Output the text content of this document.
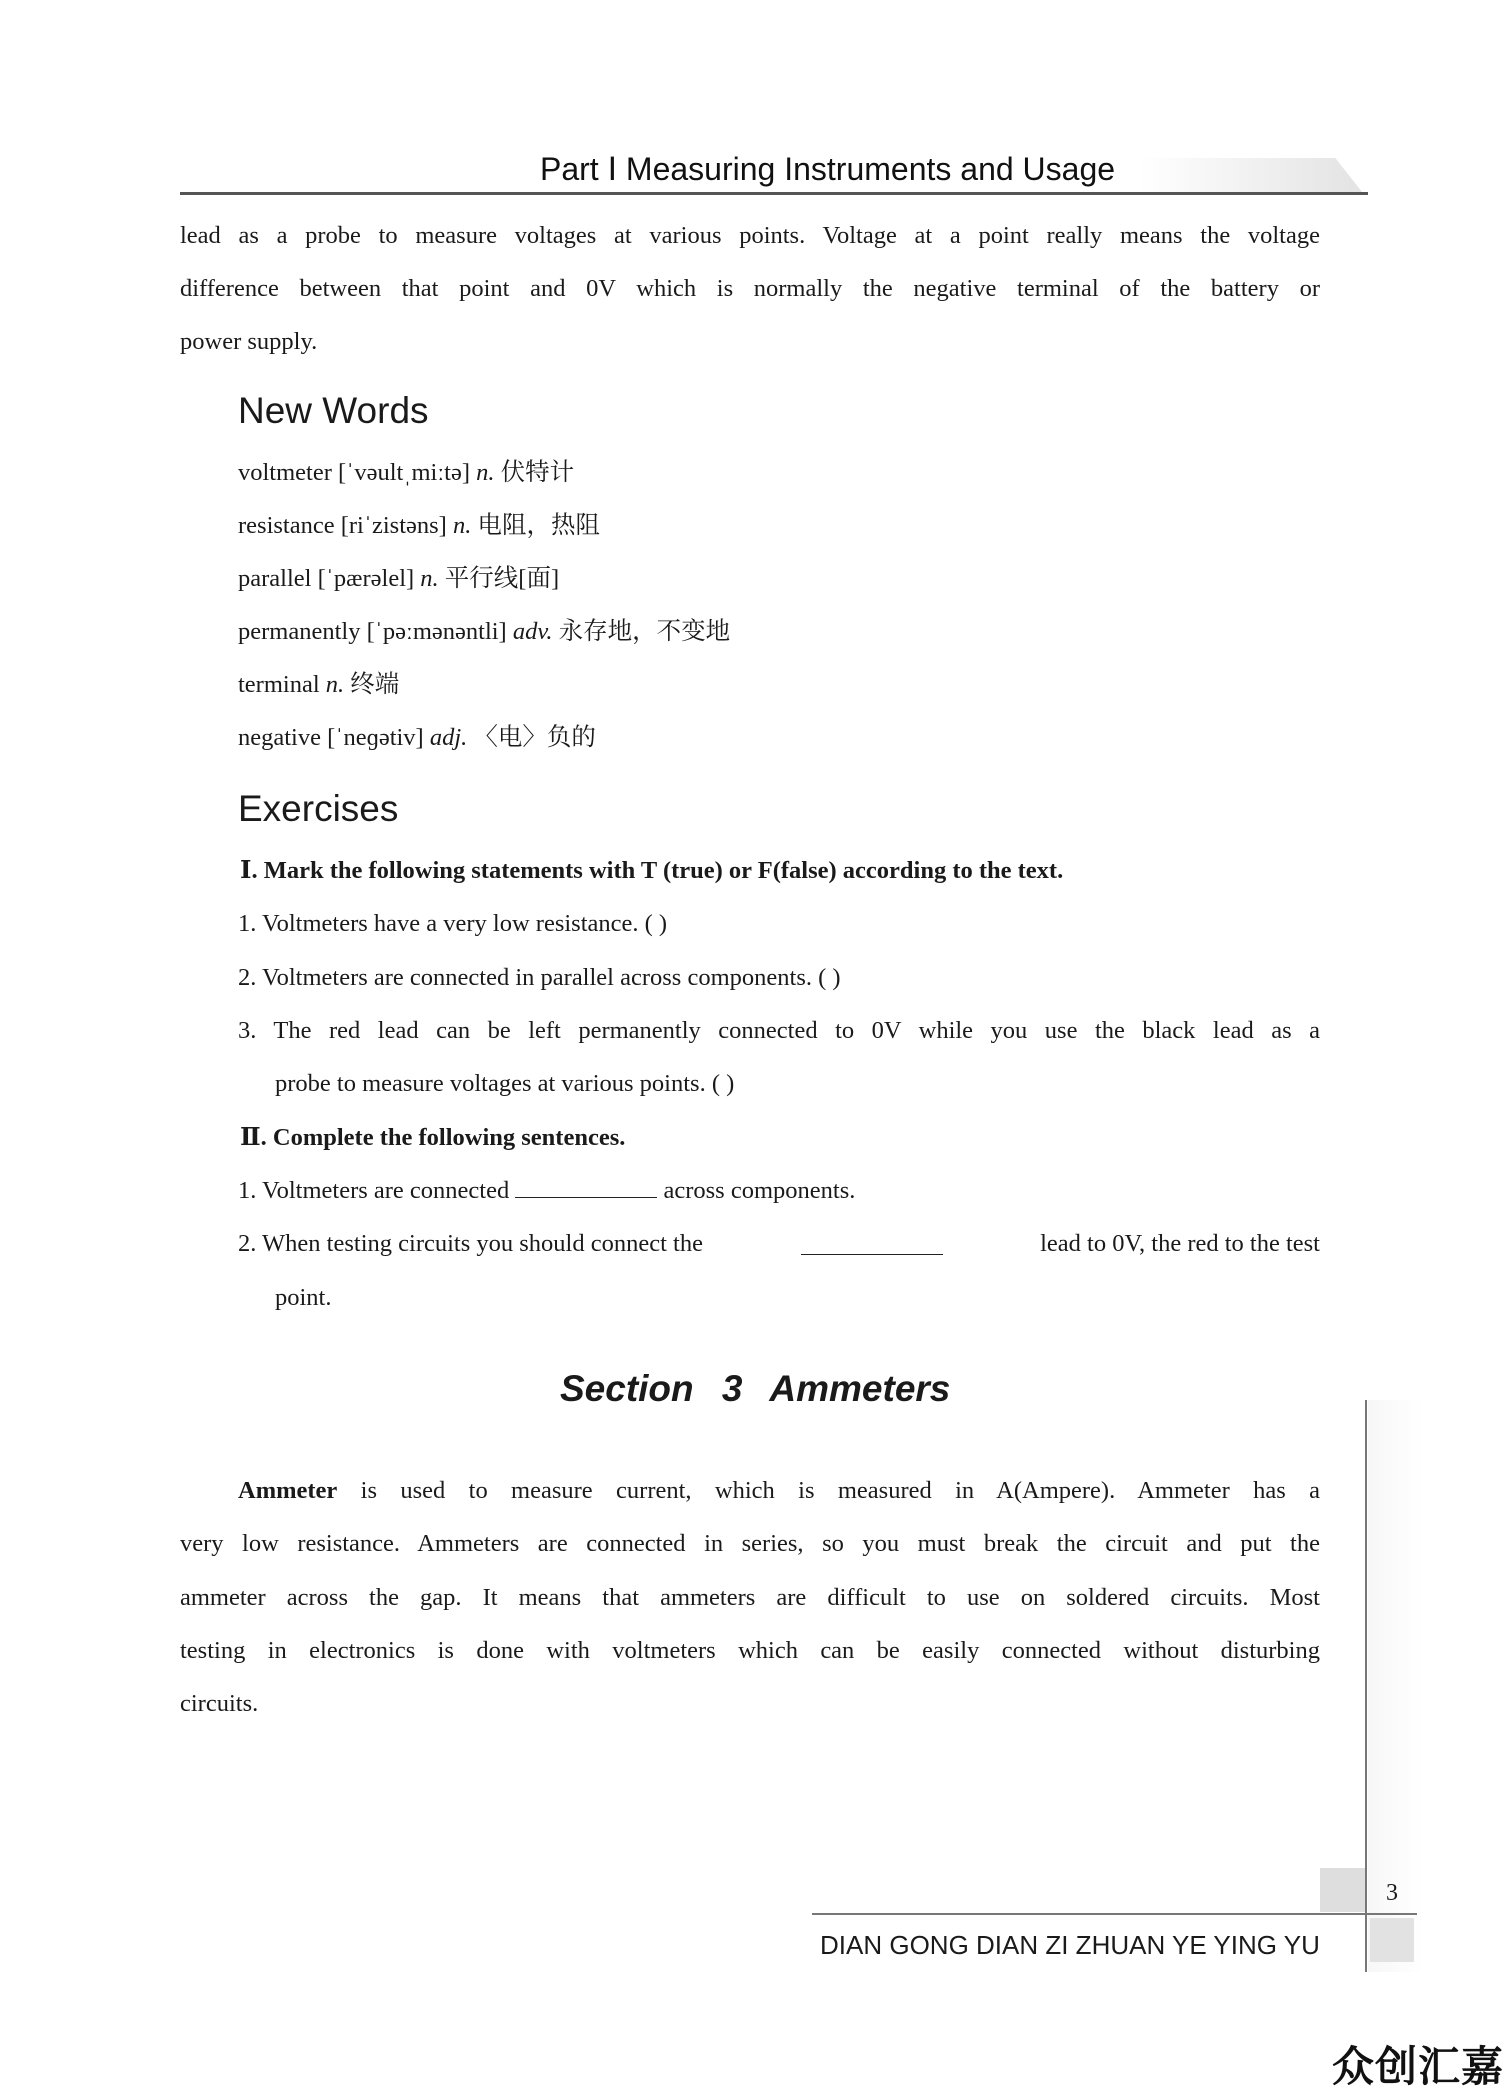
Part Ⅰ Measuring Instruments and Usage
lead as a probe to measure voltages at various points. Voltage at a point really means the voltage
difference between that point and 0V which is normally the negative terminal of the battery or
power supply.
New Words
voltmeter [ˈvəultˌmiːtə] n. 伏特计
resistance [riˈzistəns] n. 电阻，热阻
parallel [ˈpærəlel] n. 平行线[面]
permanently [ˈpəːmənəntli] adv. 永存地，不变地
terminal n. 终端
negative [ˈneɡətiv] adj. 〈电〉负的
Exercises
Ⅰ. Mark the following statements with T (true) or F(false) according to the text.
1. Voltmeters have a very low resistance. ( )
2. Voltmeters are connected in parallel across components. ( )
3. The red lead can be left permanently connected to 0V while you use the black lead as a
probe to measure voltages at various points. ( )
Ⅱ. Complete the following sentences.
1. Voltmeters are connected	across components.
2. When testing circuits you should connect the	lead to 0V, the red to the test
point.
Section 3 Ammeters
Ammeter is used to measure current, which is measured in A(Ampere). Ammeter has a
very low resistance. Ammeters are connected in series, so you must break the circuit and put the
ammeter across the gap. It means that ammeters are difficult to use on soldered circuits. Most
testing in electronics is done with voltmeters which can be easily connected without disturbing
circuits.
3
DIAN GONG DIAN ZI ZHUAN YE YING YU
众创汇嘉
